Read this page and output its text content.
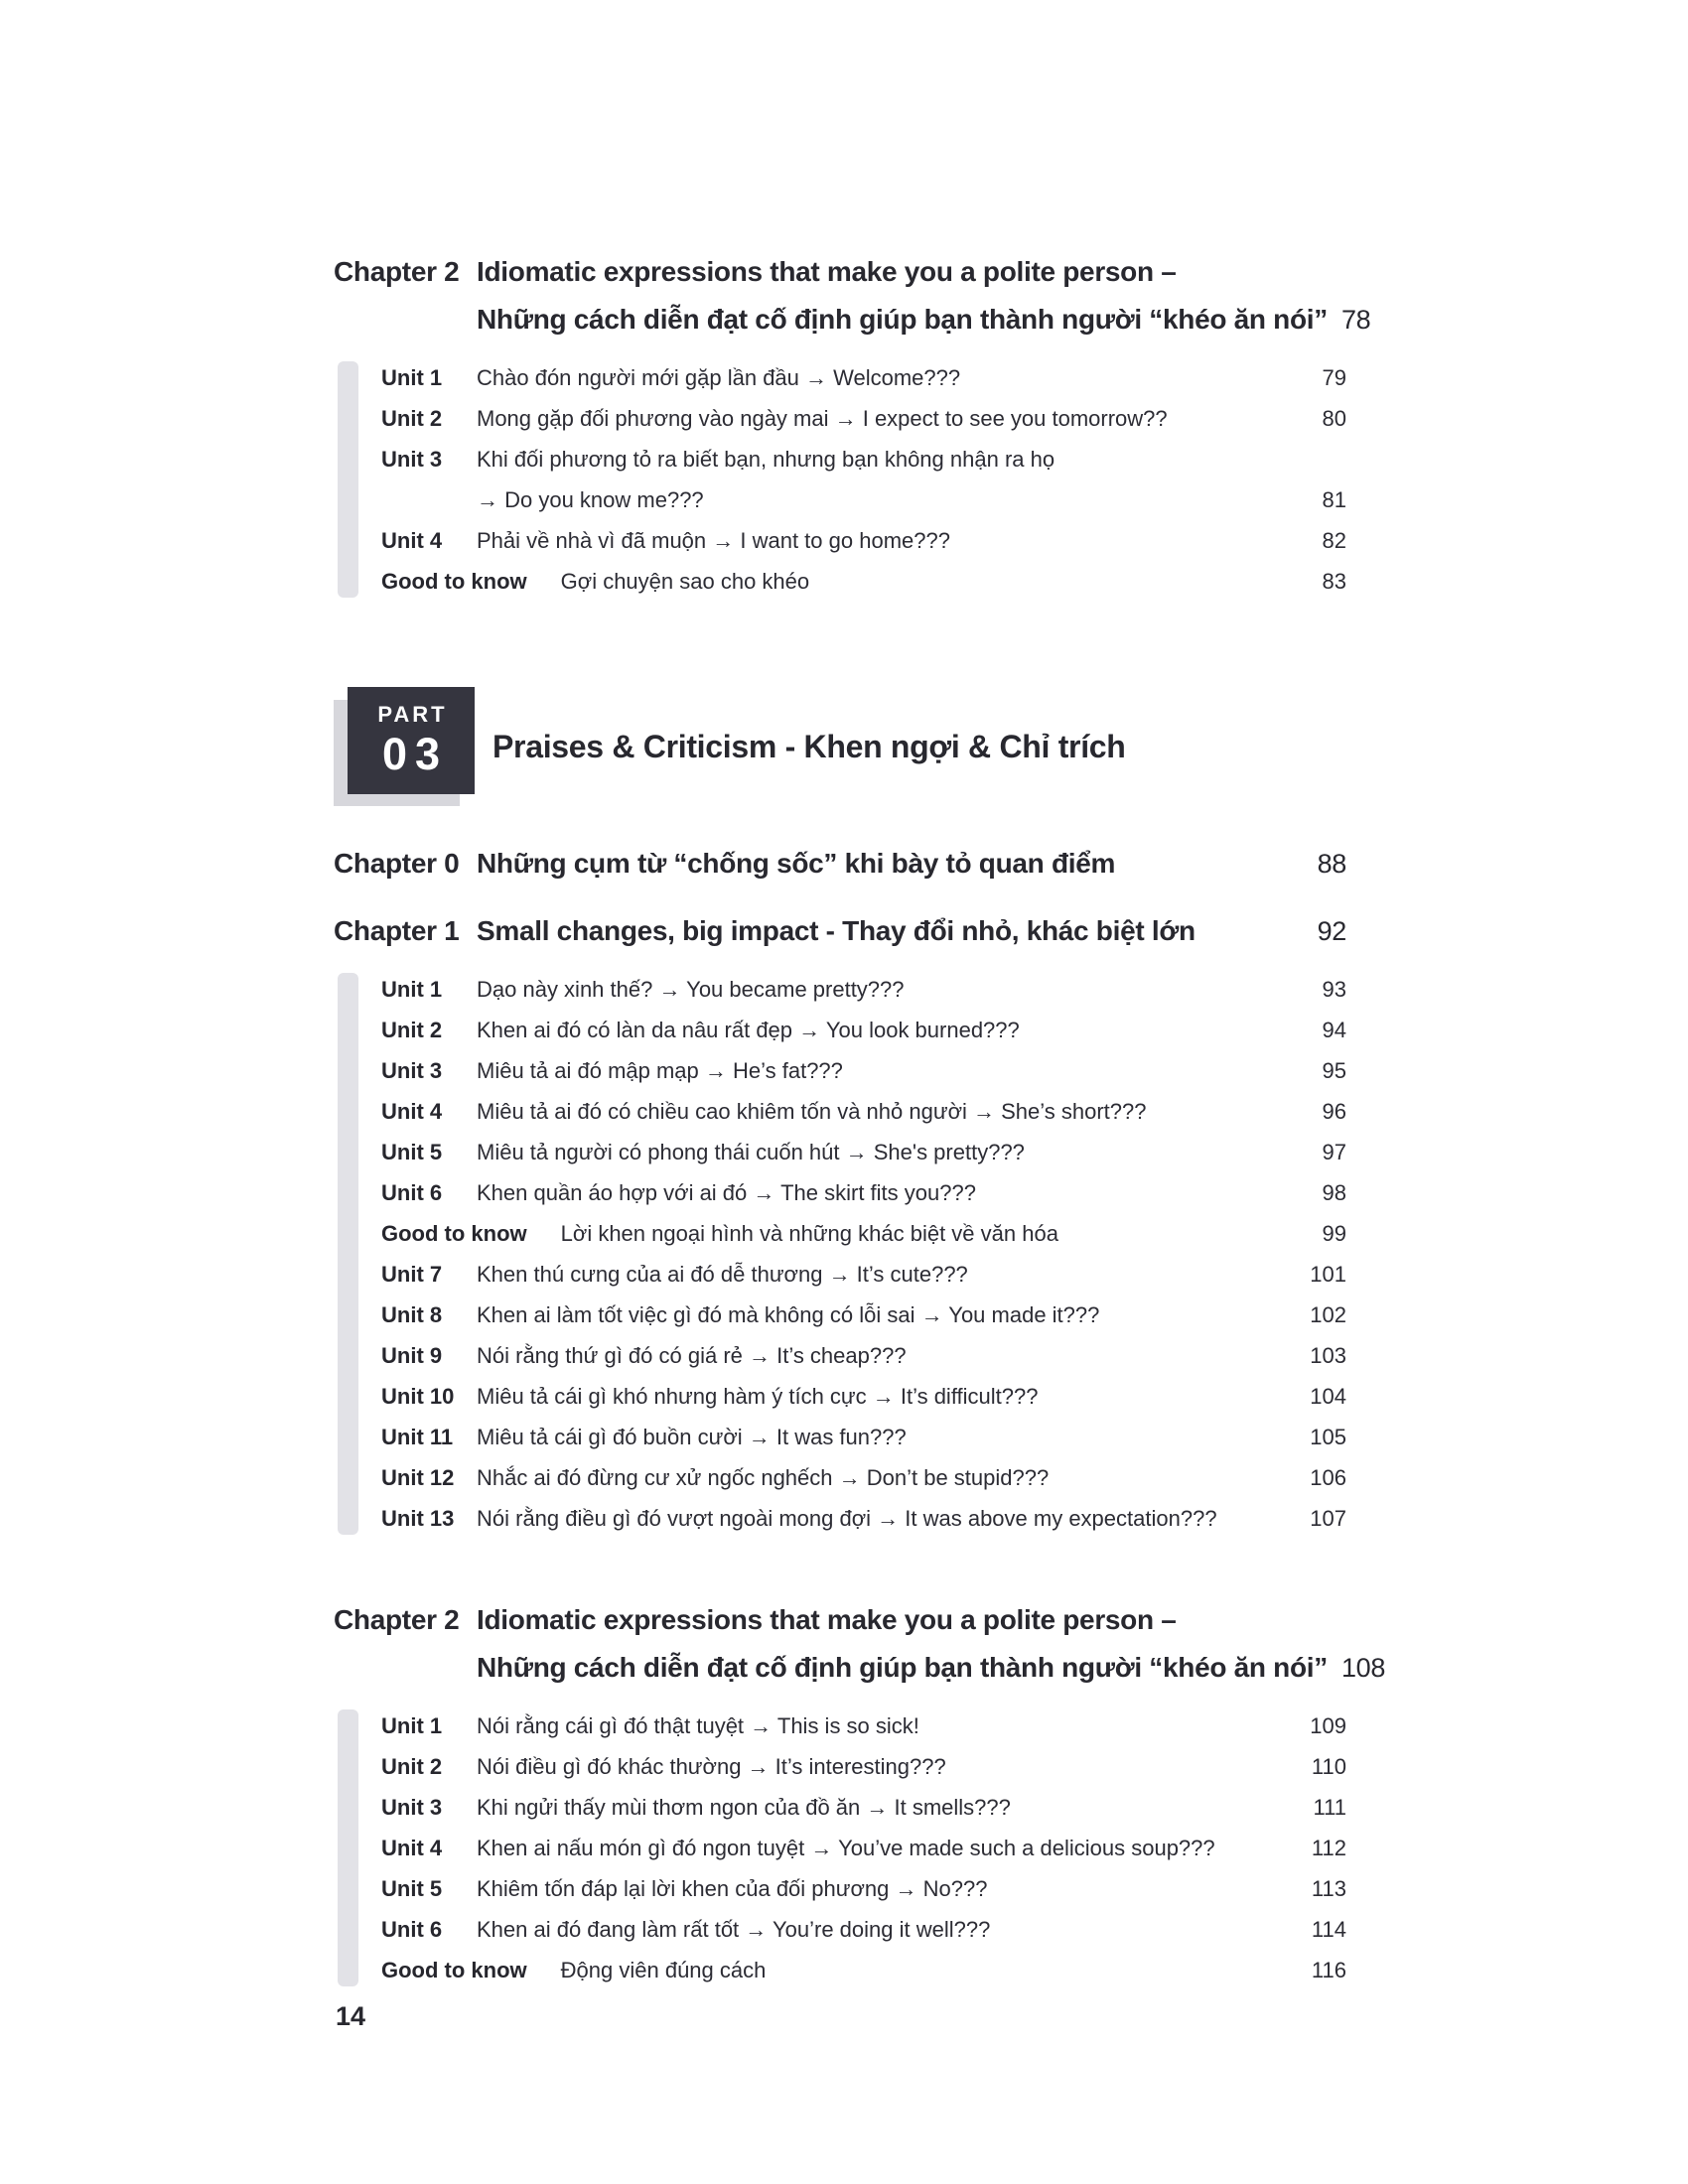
Chapter 2 Idiomatic expressions that make you a polite person –
Những cách diễn đạt cố định giúp bạn thành người “khéo ăn nói” 78
Unit 1	Chào đón người mới gặp lần đầu → Welcome???	79
Unit 2	Mong gặp đối phương vào ngày mai → I expect to see you tomorrow??	80
Unit 3	Khi đối phương tỏ ra biết bạn, nhưng bạn không nhận ra họ
→ Do you know me???	81
Unit 4	Phải về nhà vì đã muộn → I want to go home???	82
Good to know Gợi chuyện sao cho khéo	83
PART
03 Praises & Criticism - Khen ngợi & Chỉ trích
Chapter 0 Những cụm từ “chống sốc” khi bày tỏ quan điểm	88
Chapter 1 Small changes, big impact - Thay đổi nhỏ, khác biệt lớn	92
Unit 1	Dạo này xinh thế? → You became pretty???	93
Unit 2	Khen ai đó có làn da nâu rất đẹp → You look burned???	94
Unit 3	Miêu tả ai đó mập mạp → He’s fat???	95
Unit 4	Miêu tả ai đó có chiều cao khiêm tốn và nhỏ người → She’s short???	96
Unit 5	Miêu tả người có phong thái cuốn hút → She's pretty???	97
Unit 6	Khen quần áo hợp với ai đó → The skirt fits you???	98
Good to know Lời khen ngoại hình và những khác biệt về văn hóa	99
Unit 7	Khen thú cưng của ai đó dễ thương → It’s cute???	101
Unit 8	Khen ai làm tốt việc gì đó mà không có lỗi sai → You made it???	102
Unit 9	Nói rằng thứ gì đó có giá rẻ → It’s cheap???	103
Unit 10	Miêu tả cái gì khó nhưng hàm ý tích cực → It’s difficult???	104
Unit 11	Miêu tả cái gì đó buồn cười → It was fun???	105
Unit 12	Nhắc ai đó đừng cư xử ngốc nghếch → Don’t be stupid???	106
Unit 13	Nói rằng điều gì đó vượt ngoài mong đợi → It was above my expectation???	107
Chapter 2 Idiomatic expressions that make you a polite person –
Những cách diễn đạt cố định giúp bạn thành người “khéo ăn nói” 108
Unit 1	Nói rằng cái gì đó thật tuyệt → This is so sick!	109
Unit 2	Nói điều gì đó khác thường → It’s interesting???	110
Unit 3	Khi ngửi thấy mùi thơm ngon của đồ ăn → It smells???	111
Unit 4	Khen ai nấu món gì đó ngon tuyệt → You’ve made such a delicious soup???	112
Unit 5	Khiêm tốn đáp lại lời khen của đối phương → No???	113
Unit 6	Khen ai đó đang làm rất tốt → You’re doing it well???	114
Good to know Động viên đúng cách	116
14
